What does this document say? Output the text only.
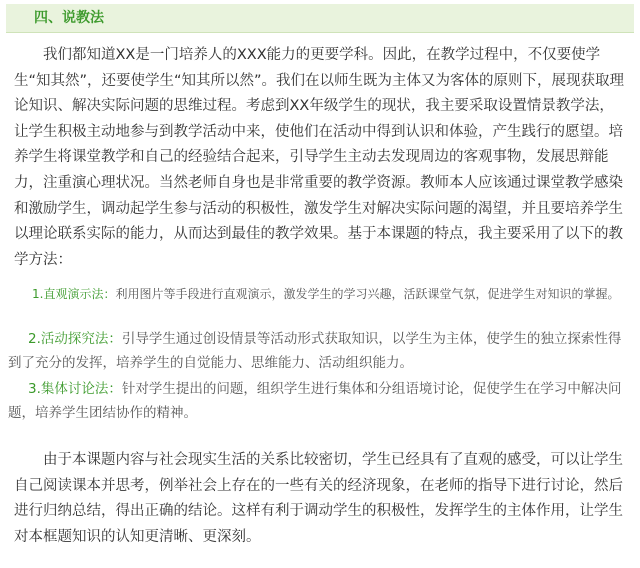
四、说教法

我们都知道XX是一门培养人的XXX能力的更要学科。因此，在教学过程中，不仅要使学生“知其然”，还要使学生“知其所以然”。我们在以师生既为主体又为客体的原则下，展现获取理论知识、解决实际问题的思维过程。考虑到XX年级学生的现状，我主要采取设置情景教学法，让学生积极主动地参与到教学活动中来，使他们在活动中得到认识和体验，产生践行的愿望。培养学生将课堂教学和自己的经验结合起来，引导学生主动去发现周边的客观事物，发展思辩能力，注重演心理状况。当然老师自身也是非常重要的教学资源。教师本人应该通过课堂教学感染和激励学生，调动起学生参与活动的积极性，激发学生对解决实际问题的渴望，并且要培养学生以理论联系实际的能力，从而达到最佳的教学效果。基于本课题的特点，我主要采用了以下的教学方法：

1.直观演示法：利用图片等手段进行直观演示，激发学生的学习兴趣，活跃课堂气氛，促进学生对知识的掌握。

2.活动探究法：引导学生通过创设情景等活动形式获取知识，以学生为主体，使学生的独立探索性得到了充分的发挥，培养学生的自觉能力、思维能力、活动组织能力。

3.集体讨论法：针对学生提出的问题，组织学生进行集体和分组语境讨论，促使学生在学习中解决问题，培养学生团结协作的精神。

由于本课题内容与社会现实生活的关系比较密切，学生已经具有了直观的感受，可以让学生自己阅读课本并思考，例举社会上存在的一些有关的经济现象，在老师的指导下进行讨论，然后进行归纳总结，得出正确的结论。这样有利于调动学生的积极性，发挥学生的主体作用，让学生对本框题知识的认知更清晰、更深刻。
